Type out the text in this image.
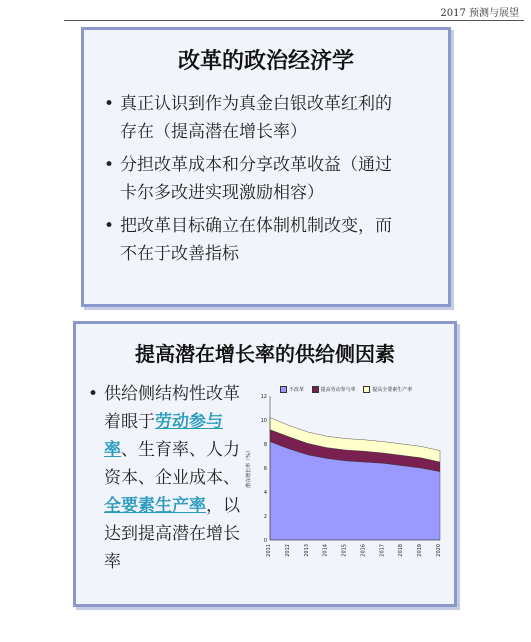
2017 预测与展望
改革的政治经济学
• 真正认识到作为真金白银改革红利的
存在（提高潜在增长率）
• 分担改革成本和分享改革收益（通过
卡尔多改进实现激励相容）
• 把改革目标确立在体制机制改变，而
不在于改善指标
提高潜在增长率的供给侧因素
• 供给侧结构性改革着眼于劳动参与率、生育率、人力资本、企业成本、全要素生产率，以达到提高潜在增长率
不改革	提高劳动参与率	提高全要素生产率
0
2
4
6
8
10
12
2011	2012	2013	2014	2015	2016	2017	2018	2019	2020
潜在增长率（%）
